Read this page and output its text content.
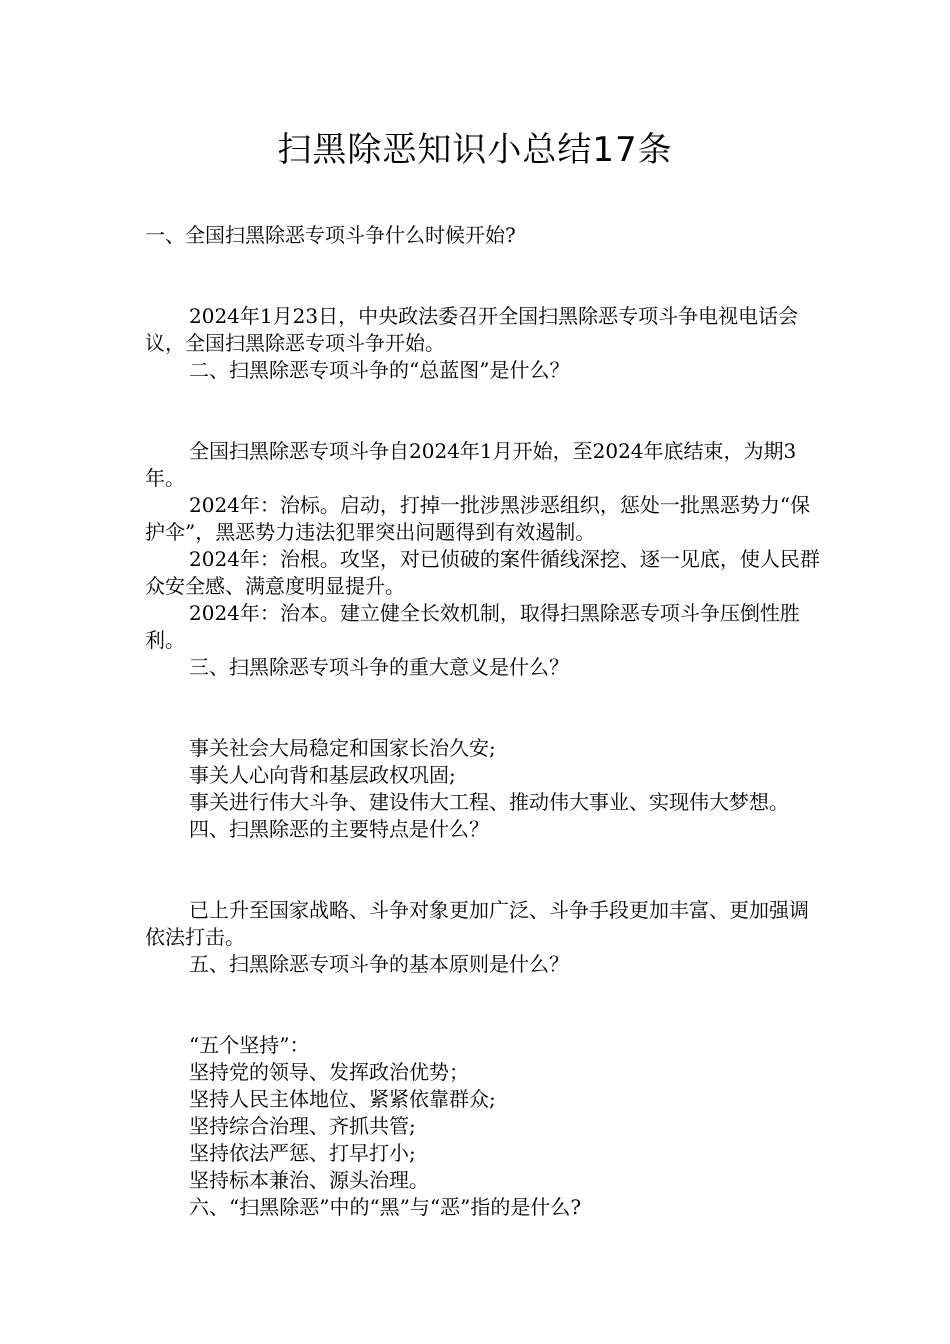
扫黑除恶知识小总结17条

一、全国扫黑除恶专项斗争什么时候开始?

2024年1月23日，中央政法委召开全国扫黑除恶专项斗争电视电话会议，全国扫黑除恶专项斗争开始。

二、扫黑除恶专项斗争的“总蓝图”是什么？

全国扫黑除恶专项斗争自2024年1月开始，至2024年底结束，为期3年。

2024年：治标。启动，打掉一批涉黑涉恶组织，惩处一批黑恶势力“保护伞”，黑恶势力违法犯罪突出问题得到有效遏制。

2024年：治根。攻坚，对已侦破的案件循线深挖、逐一见底，使人民群众安全感、满意度明显提升。

2024年：治本。建立健全长效机制，取得扫黑除恶专项斗争压倒性胜利。

三、扫黑除恶专项斗争的重大意义是什么？

事关社会大局稳定和国家长治久安;

事关人心向背和基层政权巩固;

事关进行伟大斗争、建设伟大工程、推动伟大事业、实现伟大梦想。

四、扫黑除恶的主要特点是什么？

已上升至国家战略、斗争对象更加广泛、斗争手段更加丰富、更加强调依法打击。

五、扫黑除恶专项斗争的基本原则是什么？

“五个坚持”：

坚持党的领导、发挥政治优势；

坚持人民主体地位、紧紧依靠群众;

坚持综合治理、齐抓共管;

坚持依法严惩、打早打小;

坚持标本兼治、源头治理。

六、“扫黑除恶”中的“黑”与“恶”指的是什么?
